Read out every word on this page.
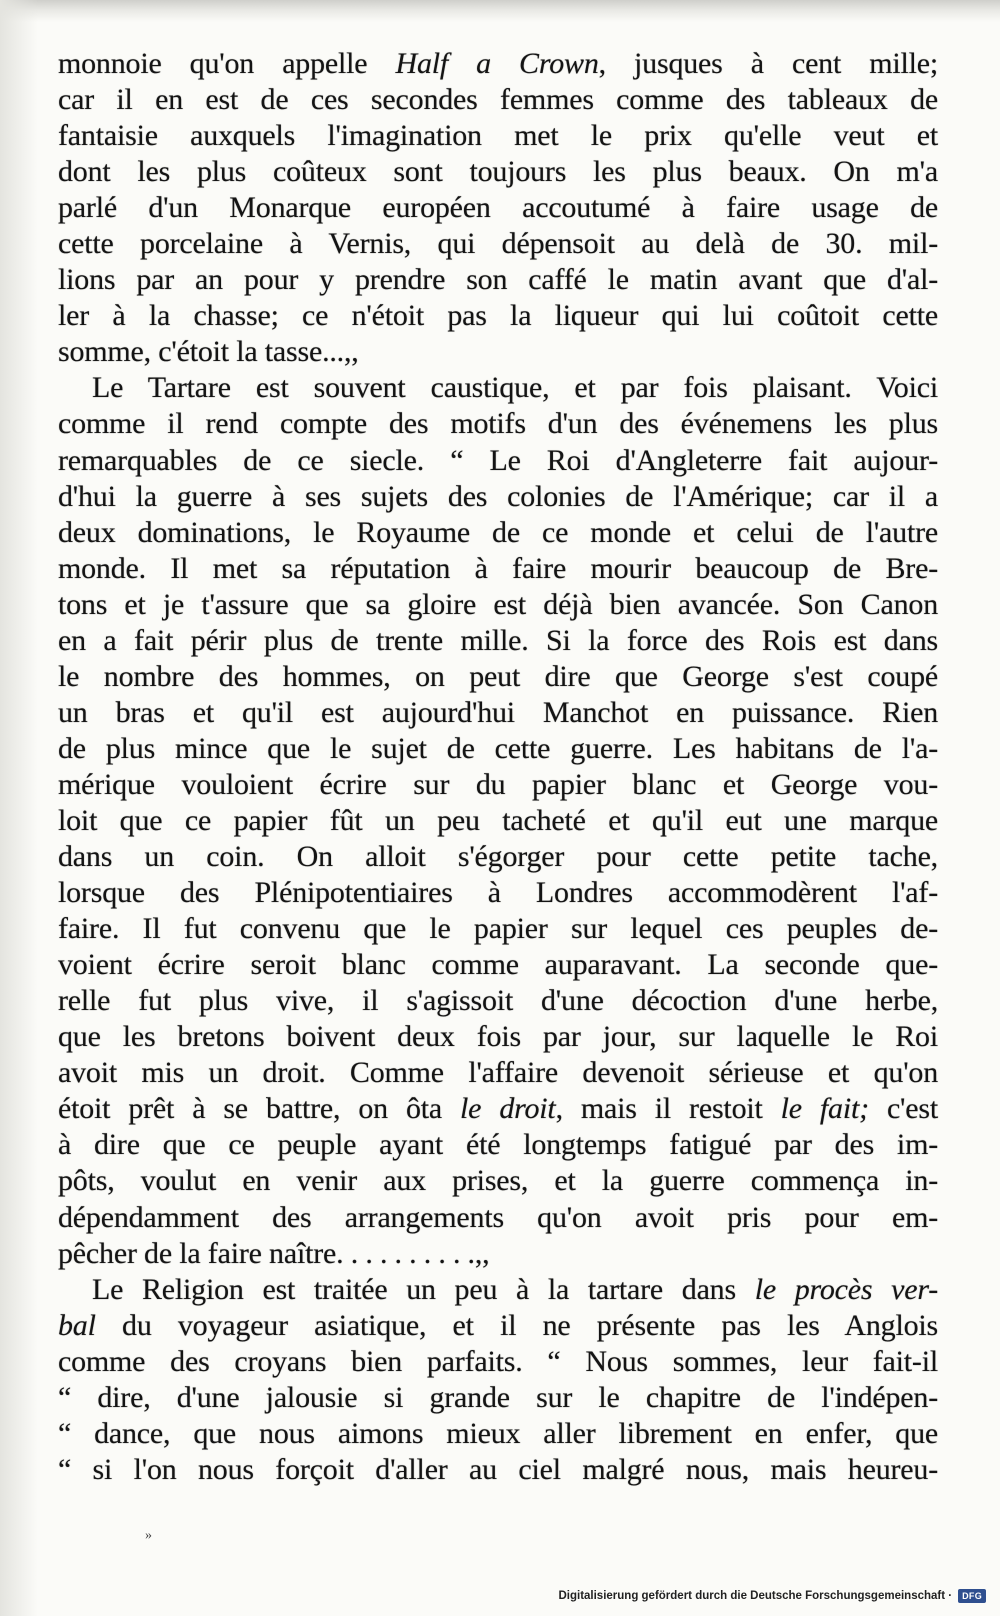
monnoie qu'on appelle Half a Crown, jusques à cent mille;
car il en est de ces secondes femmes comme des tableaux de
fantaisie auxquels l'imagination met le prix qu'elle veut et
dont les plus coûteux sont toujours les plus beaux. On m'a
parlé d'un Monarque européen accoutumé à faire usage de
cette porcelaine à Vernis, qui dépensoit au delà de 30. mil-
lions par an pour y prendre son caffé le matin avant que d'al-
ler à la chasse; ce n'étoit pas la liqueur qui lui coûtoit cette
somme, c'étoit la tasse...,,
Le Tartare est souvent caustique, et par fois plaisant. Voici
comme il rend compte des motifs d'un des événemens les plus
remarquables de ce siecle. “ Le Roi d'Angleterre fait aujour-
d'hui la guerre à ses sujets des colonies de l'Amérique; car il a
deux dominations, le Royaume de ce monde et celui de l'autre
monde. Il met sa réputation à faire mourir beaucoup de Bre-
tons et je t'assure que sa gloire est déjà bien avancée. Son Canon
en a fait périr plus de trente mille. Si la force des Rois est dans
le nombre des hommes, on peut dire que George s'est coupé
un bras et qu'il est aujourd'hui Manchot en puissance. Rien
de plus mince que le sujet de cette guerre. Les habitans de l'a-
mérique vouloient écrire sur du papier blanc et George vou-
loit que ce papier fût un peu tacheté et qu'il eut une marque
dans un coin. On alloit s'égorger pour cette petite tache,
lorsque des Plénipotentiaires à Londres accommodèrent l'af-
faire. Il fut convenu que le papier sur lequel ces peuples de-
voient écrire seroit blanc comme auparavant. La seconde que-
relle fut plus vive, il s'agissoit d'une décoction d'une herbe,
que les bretons boivent deux fois par jour, sur laquelle le Roi
avoit mis un droit. Comme l'affaire devenoit sérieuse et qu'on
étoit prêt à se battre, on ôta le droit, mais il restoit le fait; c'est
à dire que ce peuple ayant été longtemps fatigué par des im-
pôts, voulut en venir aux prises, et la guerre commença in-
dépendamment des arrangements qu'on avoit pris pour em-
pêcher de la faire naître. . . . . . . . . .,,
Le Religion est traitée un peu à la tartare dans le procès ver-
bal du voyageur asiatique, et il ne présente pas les Anglois
comme des croyans bien parfaits. “ Nous sommes, leur fait-il
“ dire, d'une jalousie si grande sur le chapitre de l'indépen-
“ dance, que nous aimons mieux aller librement en enfer, que
“ si l'on nous forçoit d'aller au ciel malgré nous, mais heureu-
»
Digitalisierung gefördert durch die Deutsche Forschungsgemeinschaft ·	DFG
